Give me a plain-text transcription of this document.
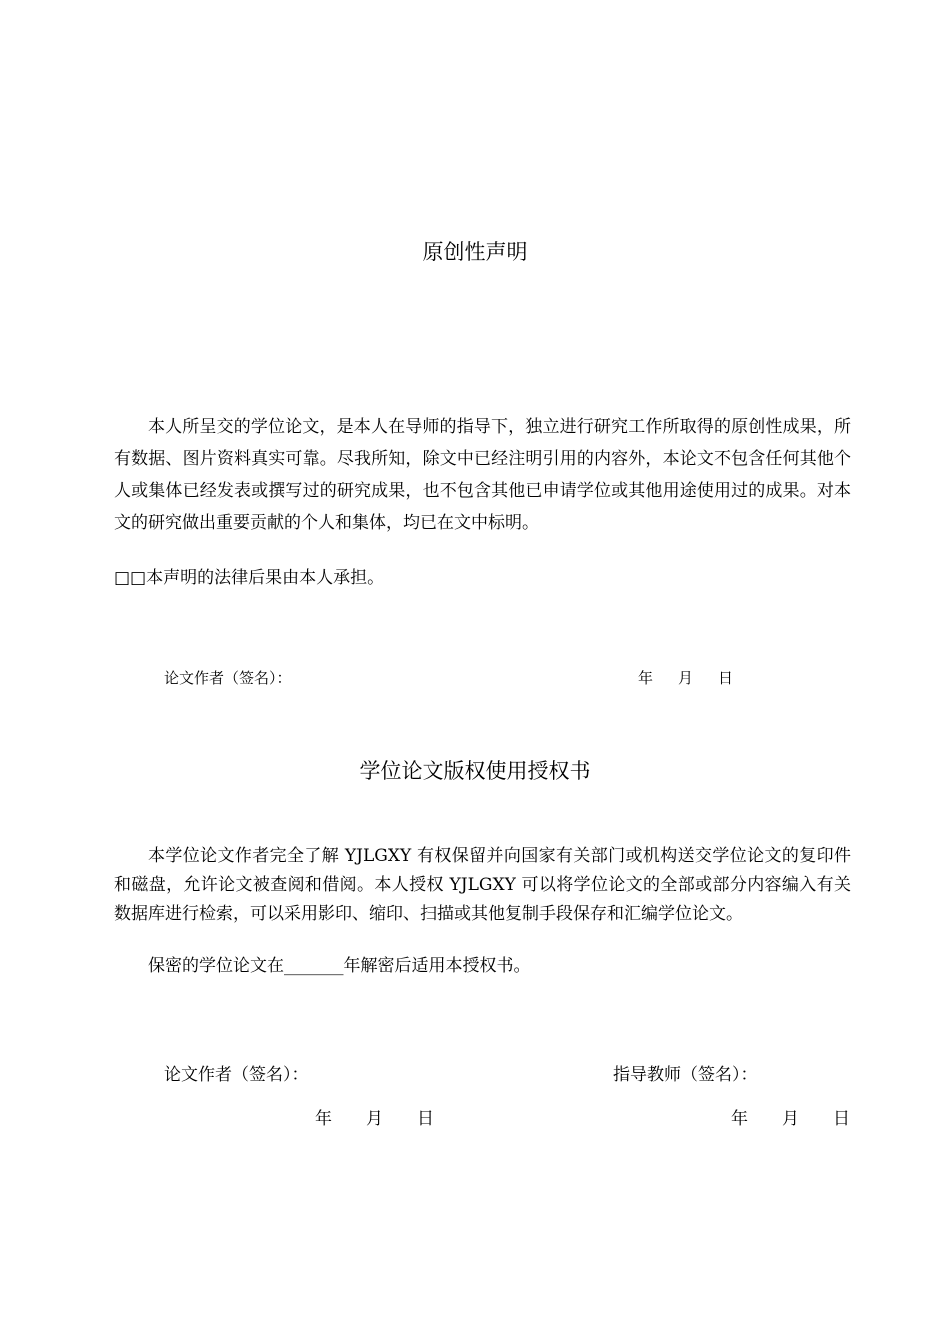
原创性声明

本人所呈交的学位论文，是本人在导师的指导下，独立进行研究工作所取得的原创性成果，所有数据、图片资料真实可靠。尽我所知，除文中已经注明引用的内容外，本论文不包含任何其他个人或集体已经发表或撰写过的研究成果，也不包含其他已申请学位或其他用途使用过的成果。对本文的研究做出重要贡献的个人和集体，均已在文中标明。

□□本声明的法律后果由本人承担。
论文作者（签名）：	年 月 日
学位论文版权使用授权书

本学位论文作者完全了解 YJLGXY 有权保留并向国家有关部门或机构送交学位论文的复印件和磁盘，允许论文被查阅和借阅。本人授权 YJLGXY 可以将学位论文的全部或部分内容编入有关数据库进行检索，可以采用影印、缩印、扫描或其他复制手段保存和汇编学位论文。

保密的学位论文在_______年解密后适用本授权书。
论文作者（签名）：	指导教师（签名）：
年 月 日	年 月 日
